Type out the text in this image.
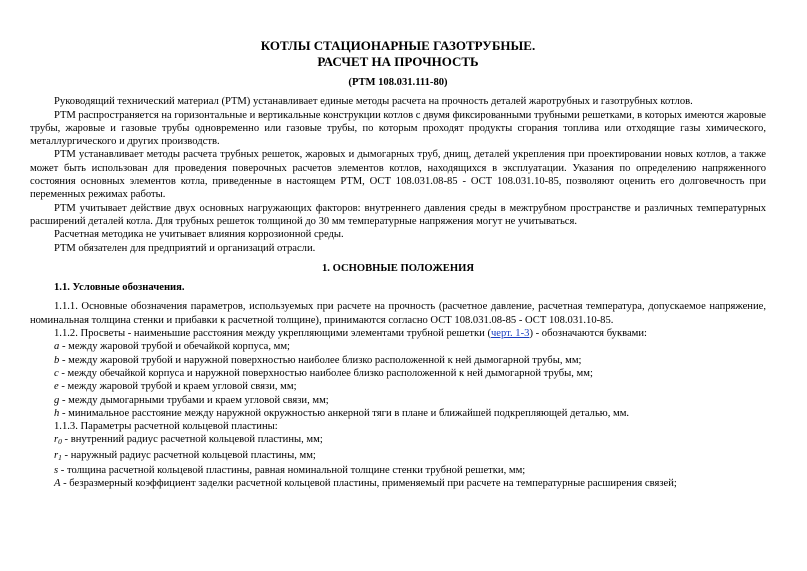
КОТЛЫ СТАЦИОНАРНЫЕ ГАЗОТРУБНЫЕ.
РАСЧЕТ НА ПРОЧНОСТЬ
(РТМ 108.031.111-80)

Руководящий технический материал (РТМ) устанавливает единые методы расчета на прочность деталей жаротрубных и газотрубных котлов.

РТМ распространяется на горизонтальные и вертикальные конструкции котлов с двумя фиксированными трубными решетками, в которых имеются жаровые трубы, жаровые и газовые трубы одновременно или газовые трубы, по которым проходят продукты сгорания топлива или отходящие газы химического, металлургического и других производств.

РТМ устанавливает методы расчета трубных решеток, жаровых и дымогарных труб, днищ, деталей укрепления при проектировании новых котлов, а также может быть использован для проведения поверочных расчетов элементов котлов, находящихся в эксплуатации. Указания по определению напряженного состояния основных элементов котла, приведенные в настоящем РТМ, ОСТ 108.031.08-85 - ОСТ 108.031.10-85, позволяют оценить его долговечность при переменных режимах работы.

РТМ учитывает действие двух основных нагружающих факторов: внутреннего давления среды в межтрубном пространстве и различных температурных расширений деталей котла. Для трубных решеток толщиной до 30 мм температурные напряжения могут не учитываться.

Расчетная методика не учитывает влияния коррозионной среды.

РТМ обязателен для предприятий и организаций отрасли.

1. ОСНОВНЫЕ ПОЛОЖЕНИЯ

1.1. Условные обозначения.

1.1.1. Основные обозначения параметров, используемых при расчете на прочность (расчетное давление, расчетная температура, допускаемое напряжение, номинальная толщина стенки и прибавки к расчетной толщине), принимаются согласно ОСТ 108.031.08-85 - ОСТ 108.031.10-85.

1.1.2. Просветы - наименьшие расстояния между укрепляющими элементами трубной решетки (черт. 1-3) - обозначаются буквами:

a - между жаровой трубой и обечайкой корпуса, мм;

b - между жаровой трубой и наружной поверхностью наиболее близко расположенной к ней дымогарной трубы, мм;

c - между обечайкой корпуса и наружной поверхностью наиболее близко расположенной к ней дымогарной трубы, мм;

e - между жаровой трубой и краем угловой связи, мм;

g - между дымогарными трубами и краем угловой связи, мм;

h - минимальное расстояние между наружной окружностью анкерной тяги в плане и ближайшей подкрепляющей деталью, мм.

1.1.3. Параметры расчетной кольцевой пластины:

$r_0$ - внутренний радиус расчетной кольцевой пластины, мм;

$r_1$ - наружный радиус расчетной кольцевой пластины, мм;

s - толщина расчетной кольцевой пластины, равная номинальной толщине стенки трубной решетки, мм;

A - безразмерный коэффициент заделки расчетной кольцевой пластины, применяемый при расчете на температурные расширения связей;
